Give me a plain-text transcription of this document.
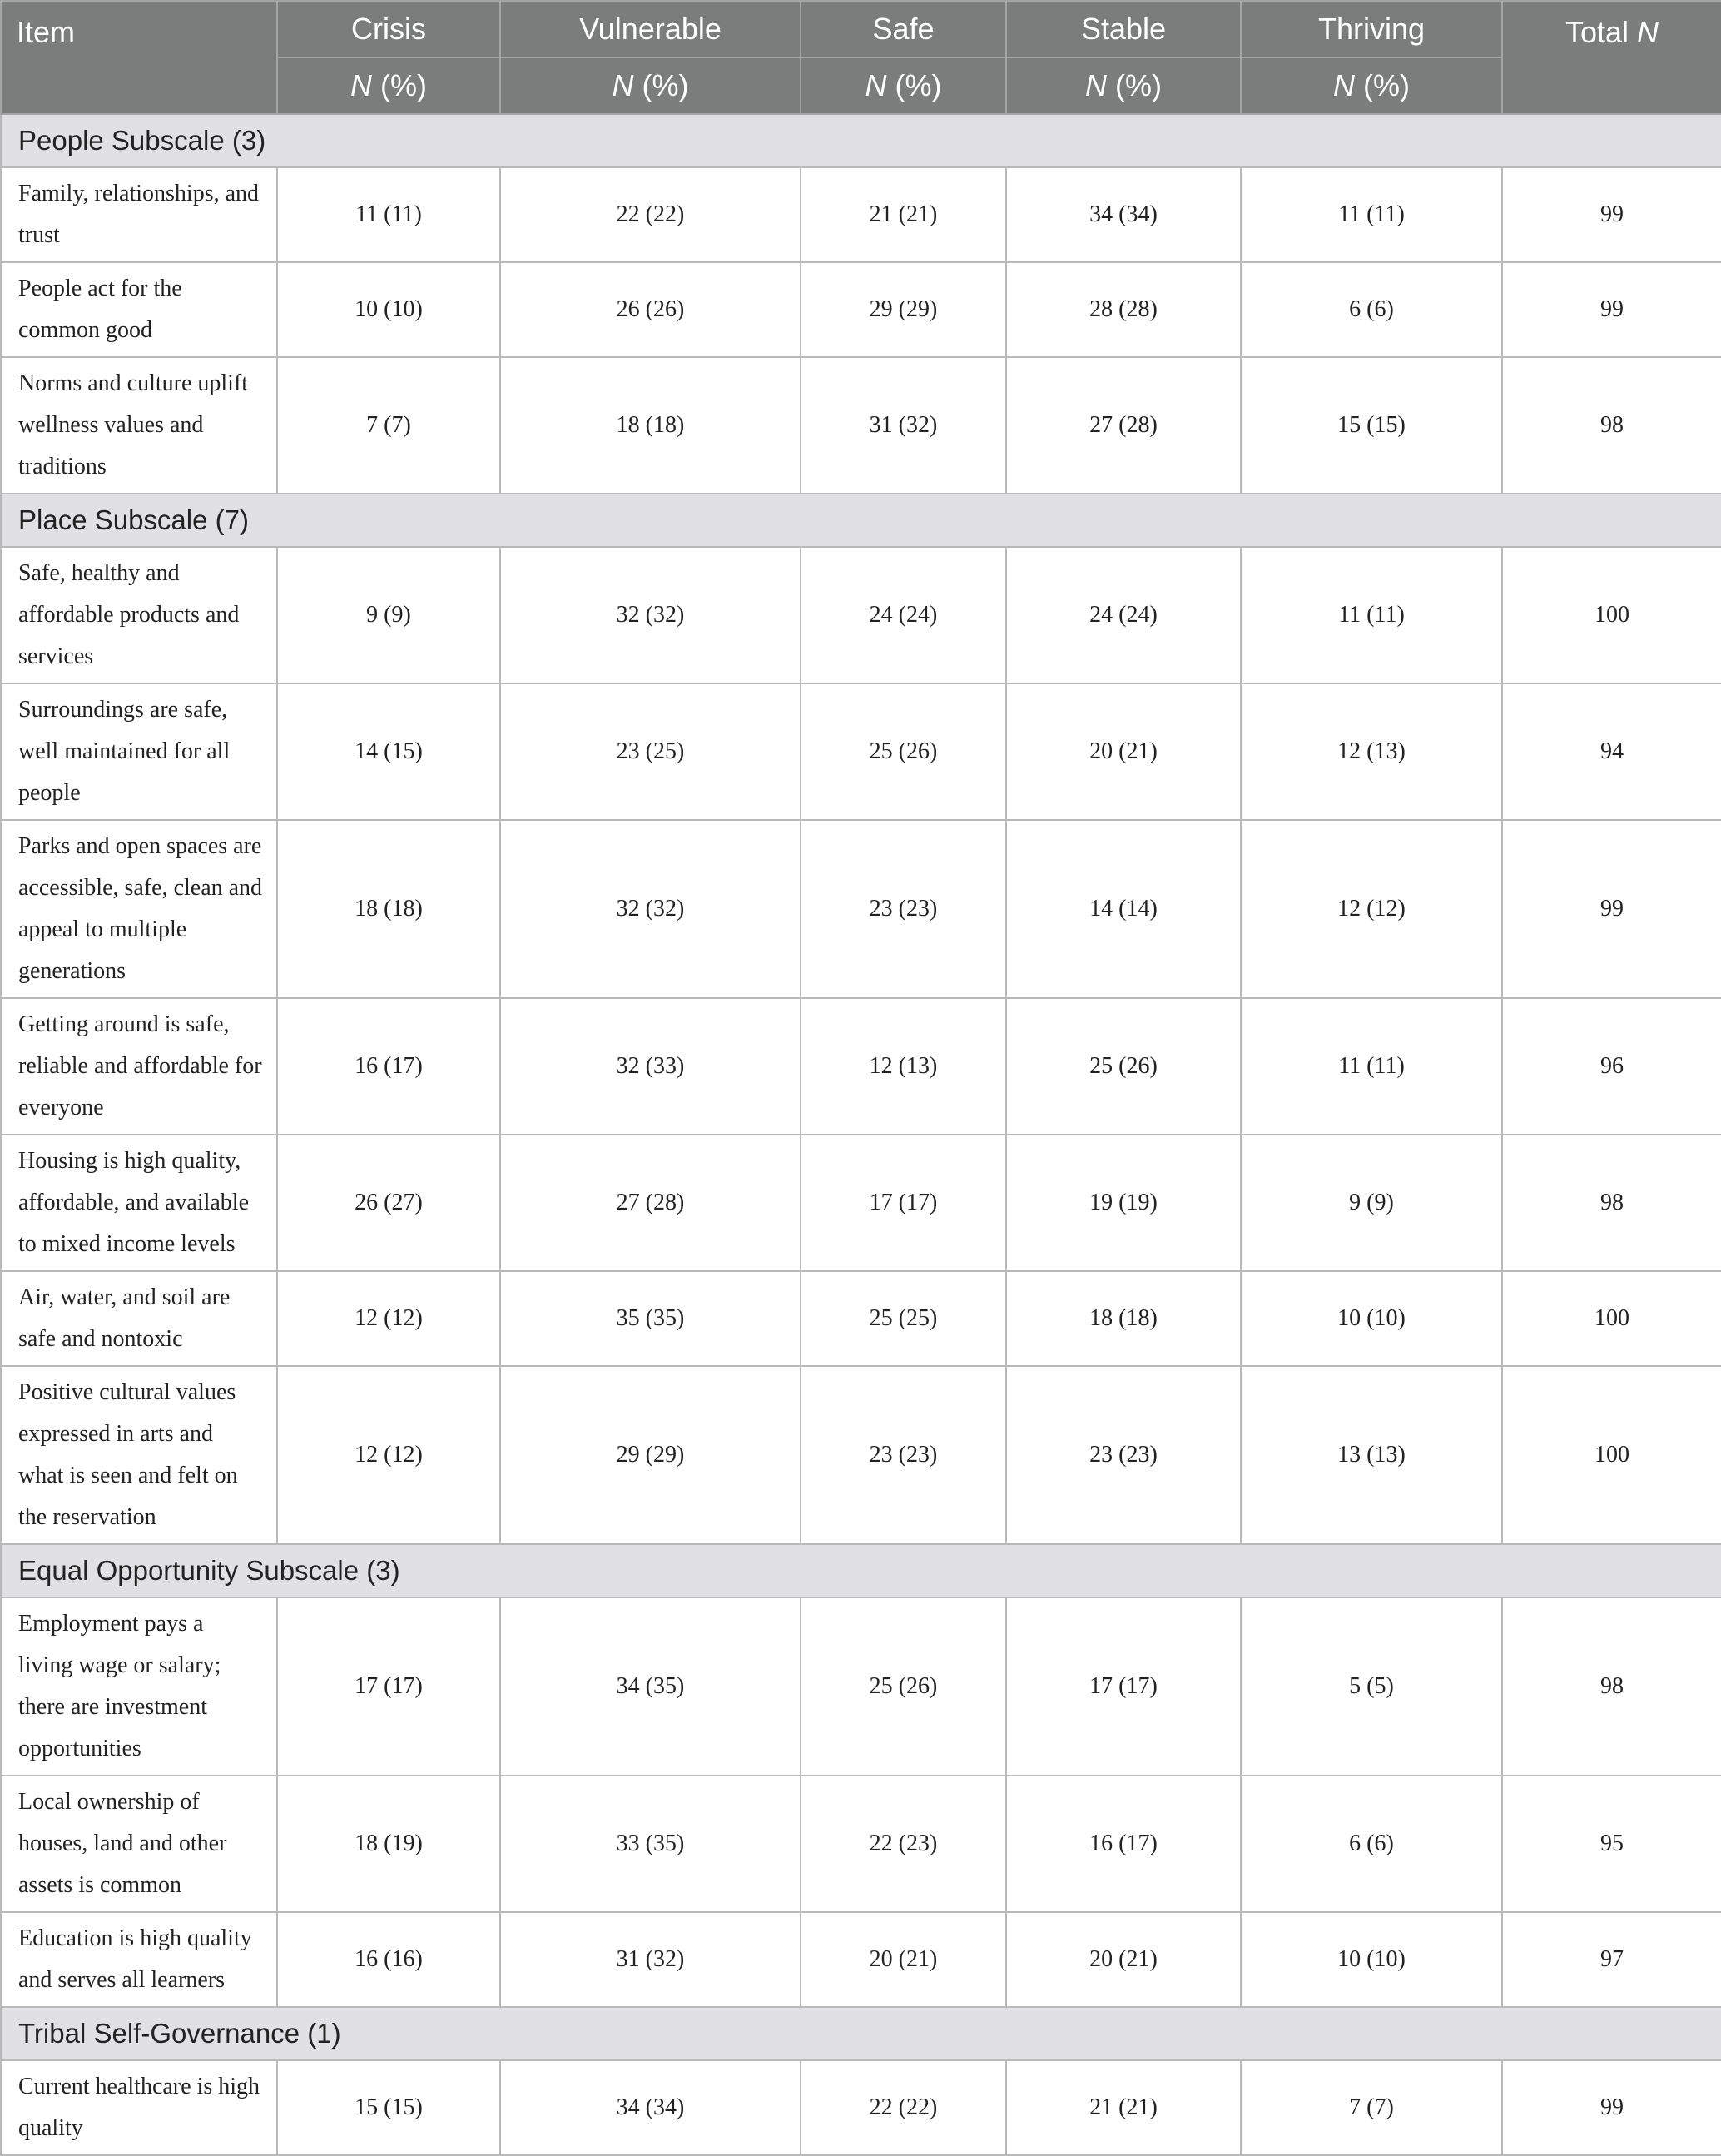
Item	Crisis	Vulnerable	Safe	Stable	Thriving	Total N
	N (%)	N (%)	N (%)	N (%)	N (%)	
People Subscale (3)						
Family, relationships, and trust	11 (11)	22 (22)	21 (21)	34 (34)	11 (11)	99
People act for the common good	10 (10)	26 (26)	29 (29)	28 (28)	6 (6)	99
Norms and culture uplift wellness values and traditions	7 (7)	18 (18)	31 (32)	27 (28)	15 (15)	98
Place Subscale (7)						
Safe, healthy and affordable products and services	9 (9)	32 (32)	24 (24)	24 (24)	11 (11)	100
Surroundings are safe, well maintained for all people	14 (15)	23 (25)	25 (26)	20 (21)	12 (13)	94
Parks and open spaces are accessible, safe, clean and appeal to multiple generations	18 (18)	32 (32)	23 (23)	14 (14)	12 (12)	99
Getting around is safe, reliable and affordable for everyone	16 (17)	32 (33)	12 (13)	25 (26)	11 (11)	96
Housing is high quality, affordable, and available to mixed income levels	26 (27)	27 (28)	17 (17)	19 (19)	9 (9)	98
Air, water, and soil are safe and nontoxic	12 (12)	35 (35)	25 (25)	18 (18)	10 (10)	100
Positive cultural values expressed in arts and what is seen and felt on the reservation	12 (12)	29 (29)	23 (23)	23 (23)	13 (13)	100
Equal Opportunity Subscale (3)						
Employment pays a living wage or salary; there are investment opportunities	17 (17)	34 (35)	25 (26)	17 (17)	5 (5)	98
Local ownership of houses, land and other assets is common	18 (19)	33 (35)	22 (23)	16 (17)	6 (6)	95
Education is high quality and serves all learners	16 (16)	31 (32)	20 (21)	20 (21)	10 (10)	97
Tribal Self-Governance (1)						
Current healthcare is high quality	15 (15)	34 (34)	22 (22)	21 (21)	7 (7)	99
